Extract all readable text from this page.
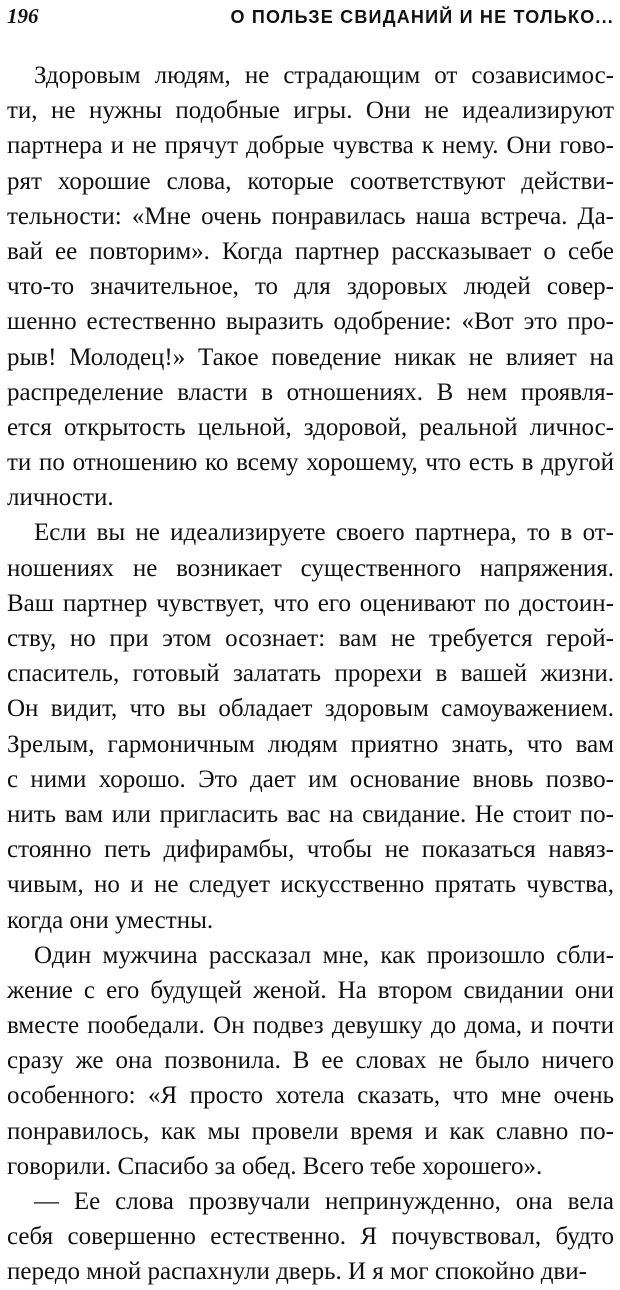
196	О ПОЛЬЗЕ СВИДАНИЙ И НЕ ТОЛЬКО...
Здоровым людям, не страдающим от созависимос-
ти, не нужны подобные игры. Они не идеализируют
партнера и не прячут добрые чувства к нему. Они гово-
рят хорошие слова, которые соответствуют действи-
тельности: «Мне очень понравилась наша встреча. Да-
вай ее повторим». Когда партнер рассказывает о себе
что-то значительное, то для здоровых людей совер-
шенно естественно выразить одобрение: «Вот это про-
рыв! Молодец!» Такое поведение никак не влияет на
распределение власти в отношениях. В нем проявля-
ется открытость цельной, здоровой, реальной личнос-
ти по отношению ко всему хорошему, что есть в другой
личности.
Если вы не идеализируете своего партнера, то в от-
ношениях не возникает существенного напряжения.
Ваш партнер чувствует, что его оценивают по достоин-
ству, но при этом осознает: вам не требуется герой-
спаситель, готовый залатать прорехи в вашей жизни.
Он видит, что вы обладает здоровым самоуважением.
Зрелым, гармоничным людям приятно знать, что вам
с ними хорошо. Это дает им основание вновь позво-
нить вам или пригласить вас на свидание. Не стоит по-
стоянно петь дифирамбы, чтобы не показаться навяз-
чивым, но и не следует искусственно прятать чувства,
когда они уместны.
Один мужчина рассказал мне, как произошло сбли-
жение с его будущей женой. На втором свидании они
вместе пообедали. Он подвез девушку до дома, и почти
сразу же она позвонила. В ее словах не было ничего
особенного: «Я просто хотела сказать, что мне очень
понравилось, как мы провели время и как славно по-
говорили. Спасибо за обед. Всего тебе хорошего».
— Ее слова прозвучали непринужденно, она вела
себя совершенно естественно. Я почувствовал, будто
передо мной распахнули дверь. И я мог спокойно дви-
